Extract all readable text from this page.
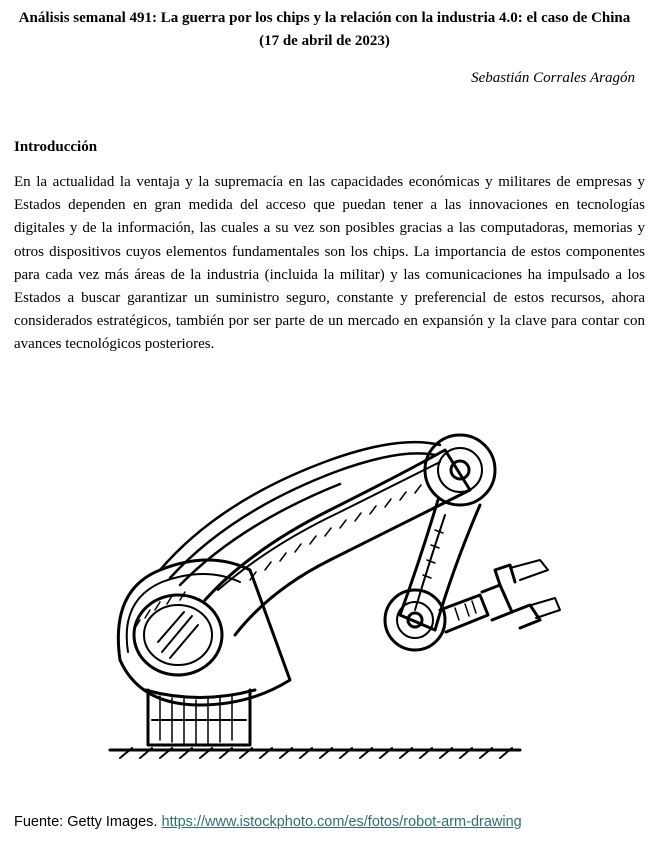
Análisis semanal 491: La guerra por los chips y la relación con la industria 4.0: el caso de China (17 de abril de 2023)
Sebastián Corrales Aragón
Introducción
En la actualidad la ventaja y la supremacía en las capacidades económicas y militares de empresas y Estados dependen en gran medida del acceso que puedan tener a las innovaciones en tecnologías digitales y de la información, las cuales a su vez son posibles gracias a las computadoras, memorias y otros dispositivos cuyos elementos fundamentales son los chips. La importancia de estos componentes para cada vez más áreas de la industria (incluida la militar) y las comunicaciones ha impulsado a los Estados a buscar garantizar un suministro seguro, constante y preferencial de estos recursos, ahora considerados estratégicos, también por ser parte de un mercado en expansión y la clave para contar con avances tecnológicos posteriores.
Fuente: Getty Images. https://www.istockphoto.com/es/fotos/robot-arm-drawing
